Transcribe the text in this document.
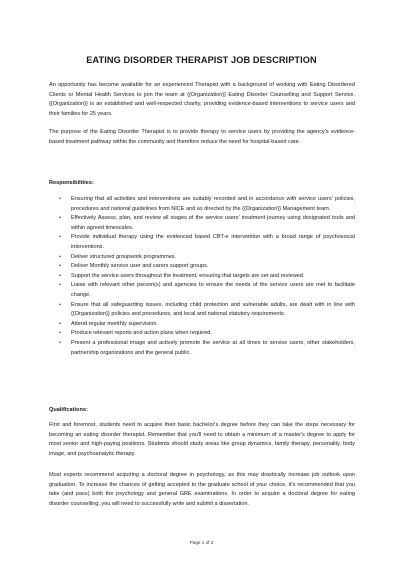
EATING DISORDER THERAPIST JOB DESCRIPTION
An opportunity has become available for an experienced Therapist with a background of working with Eating Disordered Clients or Mental Health Services to join the team at {{Organization}} Eating Disorder Counselling and Support Service. {{Organization}} is an established and well-respected charity, providing evidence-based interventions to service users and their families for 25 years.
The purpose of the Eating Disorder Therapist is to provide therapy to service users by providing the agency's evidence-based treatment pathway within the community and therefore reduce the need for hospital-based care.
Responsibilities:
• Ensuring that all activities and interventions are suitably recorded and in accordance with service users' policies, procedures and national guidelines from NICE and as directed by the {{Organization}} Management team.
• Effectively Assess, plan, and review all stages of the service users' treatment journey using designated tools and within agreed timescales.
• Provide individual therapy using the evidenced based CBT-e intervention with a broad range of psychosocial interventions.
• Deliver structured groupwork programmes.
• Deliver Monthly service user and carers support groups.
• Support the service users throughout the treatment, ensuring that targets are set and reviewed.
• Liaise with relevant other person(s) and agencies to ensure the needs of the service users are met to facilitate change.
• Ensure that all safeguarding issues, including child protection and vulnerable adults, are dealt with in line with {{Organization}} policies and procedures, and local and national statutory requirements.
• Attend regular monthly supervision.
• Produce relevant reports and action plans when required.
• Present a professional image and actively promote the service at all times to service users, other stakeholders, partnership organizations and the general public.
Qualifications:
First and foremost, students need to acquire their basic bachelor's degree before they can take the steps necessary for becoming an eating disorder therapist. Remember that you'll need to obtain a minimum of a master's degree to apply for most senior and high-paying positions. Students should study areas like group dynamics, family therapy, personality, body image, and psychoanalytic therapy.
Most experts recommend acquiring a doctoral degree in psychology, as this may drastically increase job outlook upon graduation. To increase the chances of getting accepted to the graduate school of your choice, it's recommended that you take (and pass) both the psychology and general GRE examinations. In order to acquire a doctoral degree for eating disorder counselling, you will need to successfully write and submit a dissertation.
Page 1 of 2
